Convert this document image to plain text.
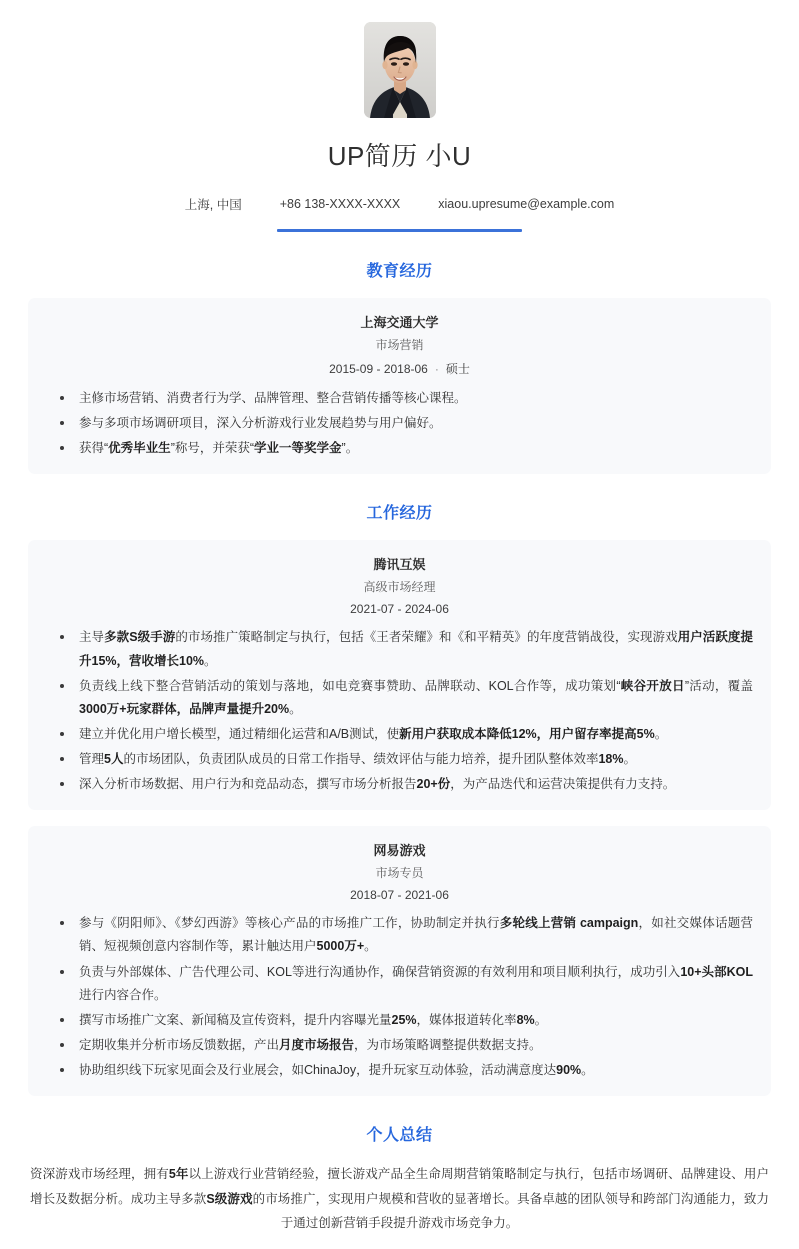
UP简历 小U
上海, 中国	+86 138-XXXX-XXXX	xiaou.upresume@example.com
教育经历
上海交通大学
市场营销
2015-09 - 2018-06 · 硕士
主修市场营销、消费者行为学、品牌管理、整合营销传播等核心课程。
参与多项市场调研项目，深入分析游戏行业发展趋势与用户偏好。
获得“优秀毕业生”称号，并荣获“学业一等奖学金”。
工作经历
腾讯互娱
高级市场经理
2021-07 - 2024-06
主导多款S级手游的市场推广策略制定与执行，包括《王者荣耀》和《和平精英》的年度营销战役，实现游戏用户活跃度提升15%，营收增长10%。
负责线上线下整合营销活动的策划与落地，如电竞赛事赞助、品牌联动、KOL合作等，成功策划“峡谷开放日”活动，覆盖3000万+玩家群体，品牌声量提升20%。
建立并优化用户增长模型，通过精细化运营和A/B测试，使新用户获取成本降低12%，用户留存率提高5%。
管理5人的市场团队，负责团队成员的日常工作指导、绩效评估与能力培养，提升团队整体效率18%。
深入分析市场数据、用户行为和竞品动态，撰写市场分析报告20+份，为产品迭代和运营决策提供有力支持。
网易游戏
市场专员
2018-07 - 2021-06
参与《阴阳师》、《梦幻西游》等核心产品的市场推广工作，协助制定并执行多轮线上营销 campaign，如社交媒体话题营销、短视频创意内容制作等，累计触达用户5000万+。
负责与外部媒体、广告代理公司、KOL等进行沟通协作，确保营销资源的有效利用和项目顺利执行，成功引入10+头部KOL进行内容合作。
撰写市场推广文案、新闻稿及宣传资料，提升内容曝光量25%，媒体报道转化率8%。
定期收集并分析市场反馈数据，产出月度市场报告，为市场策略调整提供数据支持。
协助组织线下玩家见面会及行业展会，如ChinaJoy，提升玩家互动体验，活动满意度达90%。
个人总结
资深游戏市场经理，拥有5年以上游戏行业营销经验，擅长游戏产品全生命周期营销策略制定与执行，包括市场调研、品牌建设、用户增长及数据分析。成功主导多款S级游戏的市场推广，实现用户规模和营收的显著增长。具备卓越的团队领导和跨部门沟通能力，致力于通过创新营销手段提升游戏市场竞争力。
